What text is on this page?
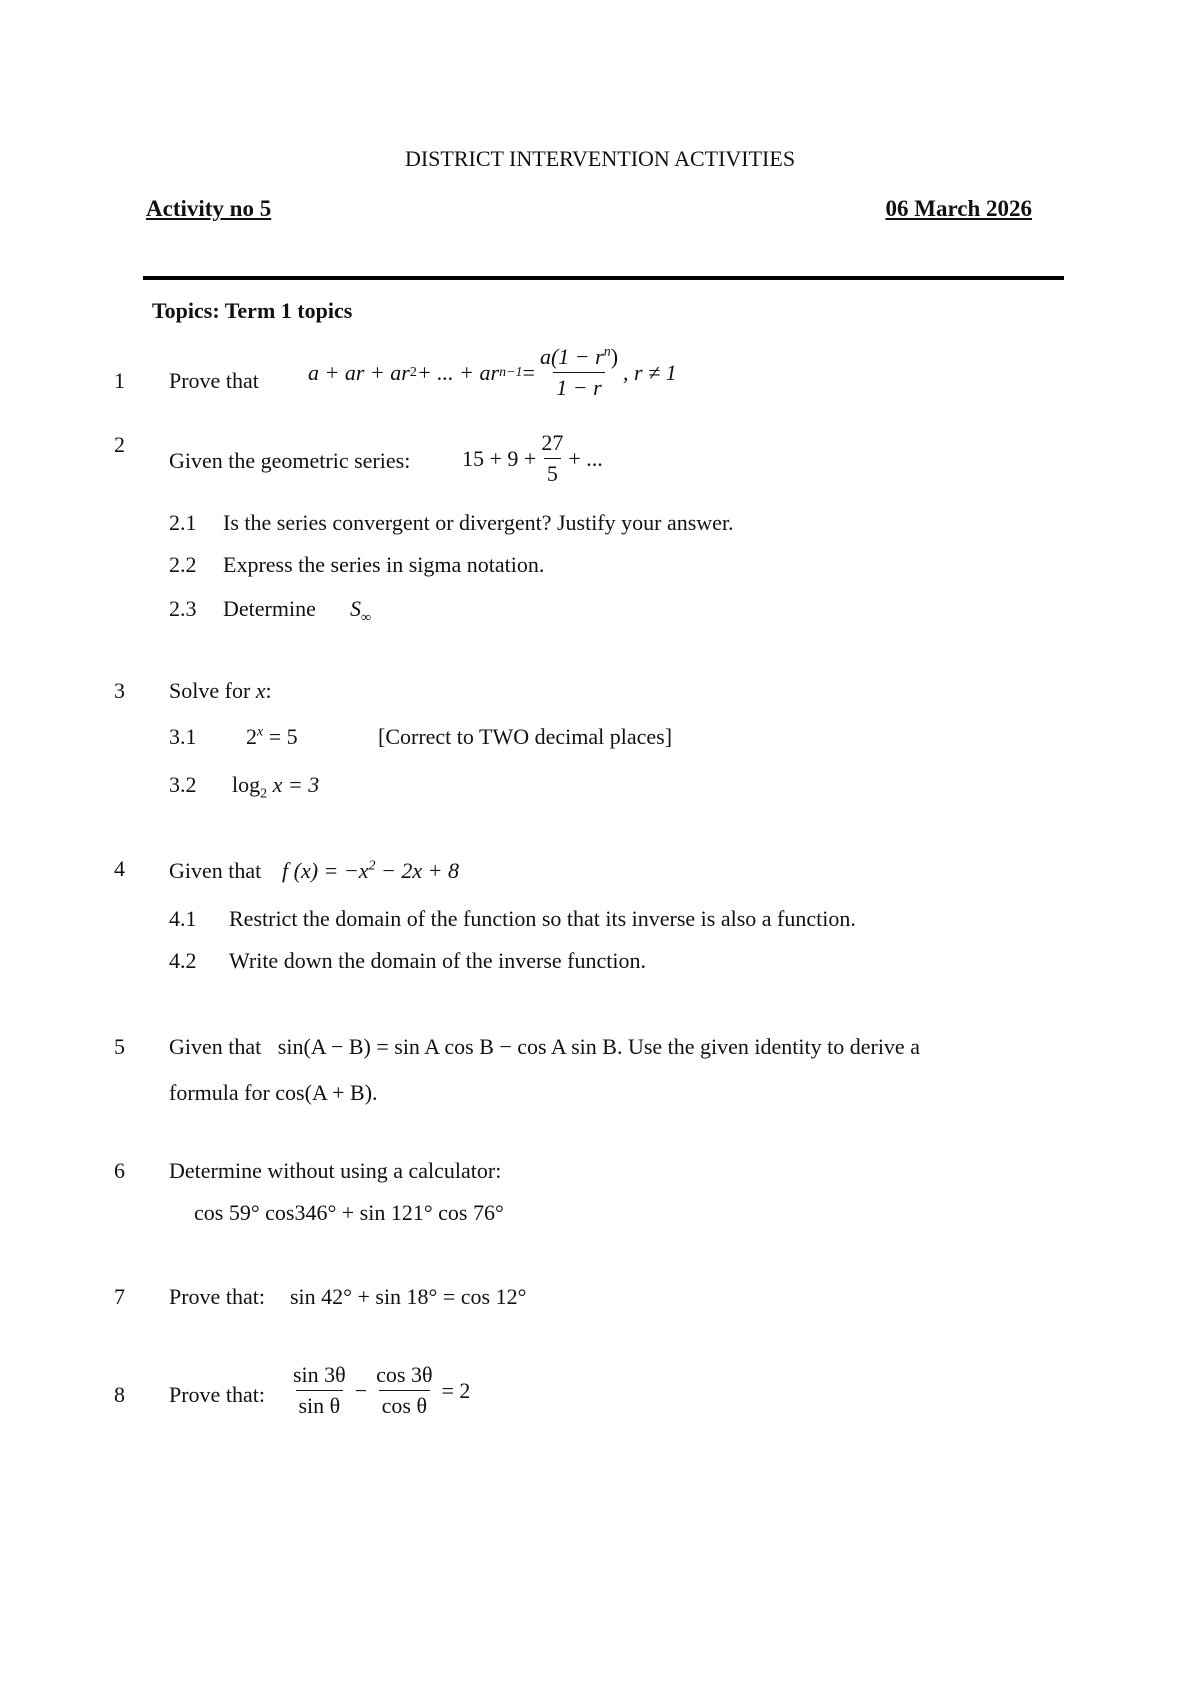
DISTRICT INTERVENTION ACTIVITIES
Activity no 5	06 March 2026
Topics: Term 1 topics
1 Prove that a + ar + ar 2 + ... + ar $n-1 = \frac{a(1 - r^n)}{1 - r}$ , r ≠ 1
2
Given the geometric series: $15 + 9 + \frac{27}{5}$ + ...
2.1 Is the series convergent or divergent? Justify your answer.
2.2 Express the series in sigma notation.
2.3 Determine $S_\infty$
3 Solve for x:
3.1 $2^x = 5$	[Correct to TWO decimal places]
3.2 $\log_2 x = 3$
4 Given that f $(x) = -x^2 - 2x + 8$
4.1 Restrict the domain of the function so that its inverse is also a function.
4.2 Write down the domain of the inverse function.
5 Given that sin(A − B) = sin A cos B − cos A sin B. Use the given identity to derive a
formula for cos(A + B).
6 Determine without using a calculator:
cos 59° cos346° + sin 121° cos 76°
7 Prove that: sin 42° + sin 18° = cos 12°
8 Prove that: $\frac{\sin 3\theta}{\text{sin θ}} - \frac{\cos 3\theta}{\text{cos θ}} = 2$
